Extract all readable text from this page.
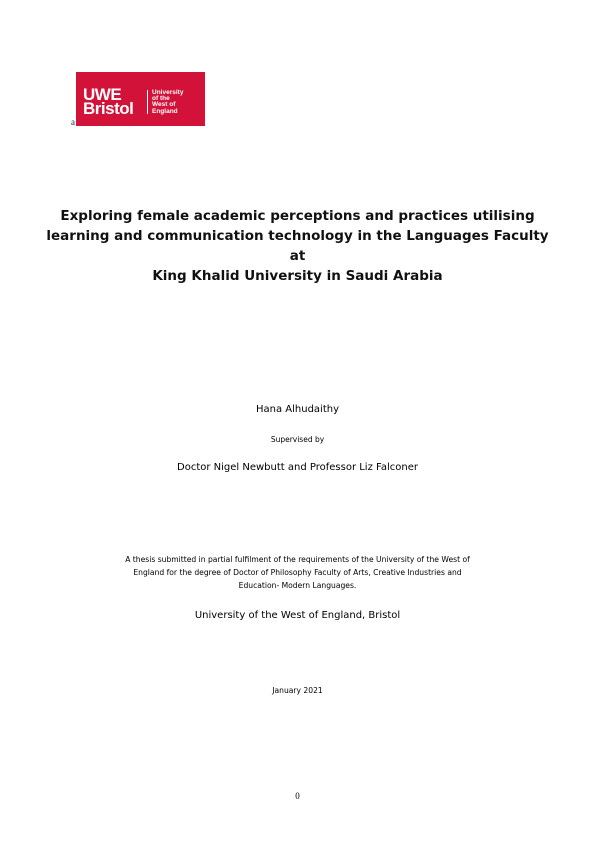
a
UWE
Bristol
University
of the
West of
England
Exploring female academic perceptions and practices utilising
learning and communication technology in the Languages Faculty at
King Khalid University in Saudi Arabia
Hana Alhudaithy
Supervised by
Doctor Nigel Newbutt and Professor Liz Falconer
A thesis submitted in partial fulfilment of the requirements of the University of the West of
England for the degree of Doctor of Philosophy Faculty of Arts, Creative Industries and
Education- Modern Languages.
University of the West of England, Bristol
January 2021
0
